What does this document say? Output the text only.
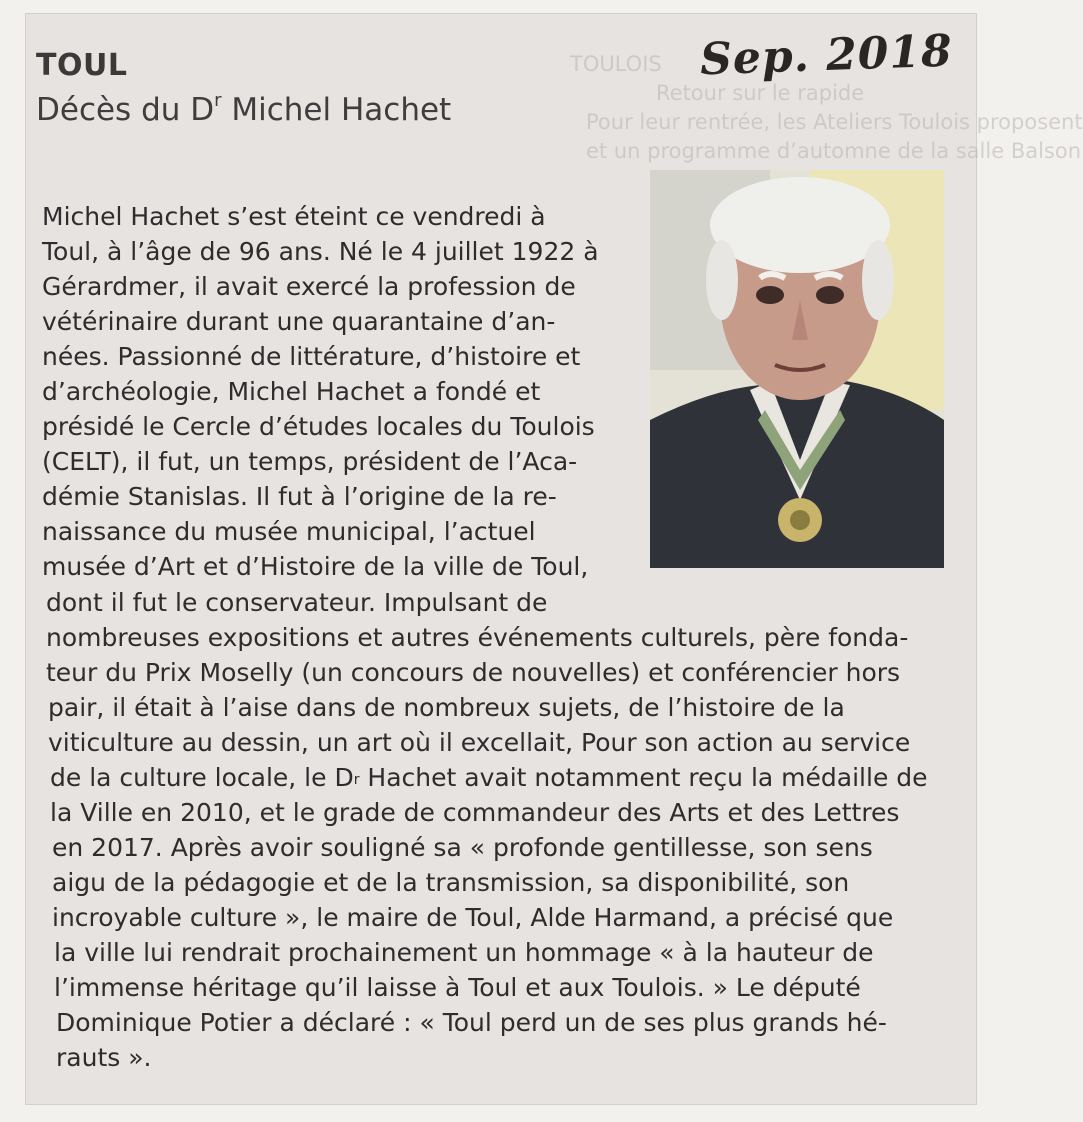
TOULOIS
Retour sur le rapide
Pour leur rentrée, les Ateliers Toulois proposent
et un programme d’automne de la salle Balson
TOUL
Décès du $D^r$ Michel Hachet
Sep. 2018
Michel Hachet s’est éteint ce vendredi à
Toul, à l’âge de 96 ans. Né le 4 juillet 1922 à
Gérardmer, il avait exercé la profession de
vétérinaire durant une quarantaine d’an-
nées. Passionné de littérature, d’histoire et
d’archéologie, Michel Hachet a fondé et
présidé le Cercle d’études locales du Toulois
(CELT), il fut, un temps, président de l’Aca-
démie Stanislas. Il fut à l’origine de la re-
naissance du musée municipal, l’actuel
musée d’Art et d’Histoire de la ville de Toul,
dont il fut le conservateur. Impulsant de
nombreuses expositions et autres événements culturels, père fonda-
teur du Prix Moselly (un concours de nouvelles) et conférencier hors
pair, il était à l’aise dans de nombreux sujets, de l’histoire de la
viticulture au dessin, un art où il excellait, Pour son action au service
de la culture locale, le $D^r$ Hachet avait notamment reçu la médaille de
la Ville en 2010, et le grade de commandeur des Arts et des Lettres
en 2017. Après avoir souligné sa « profonde gentillesse, son sens
aigu de la pédagogie et de la transmission, sa disponibilité, son
incroyable culture », le maire de Toul, Alde Harmand, a précisé que
la ville lui rendrait prochainement un hommage « à la hauteur de
l’immense héritage qu’il laisse à Toul et aux Toulois. » Le député
Dominique Potier a déclaré : « Toul perd un de ses plus grands hé-
rauts ».
